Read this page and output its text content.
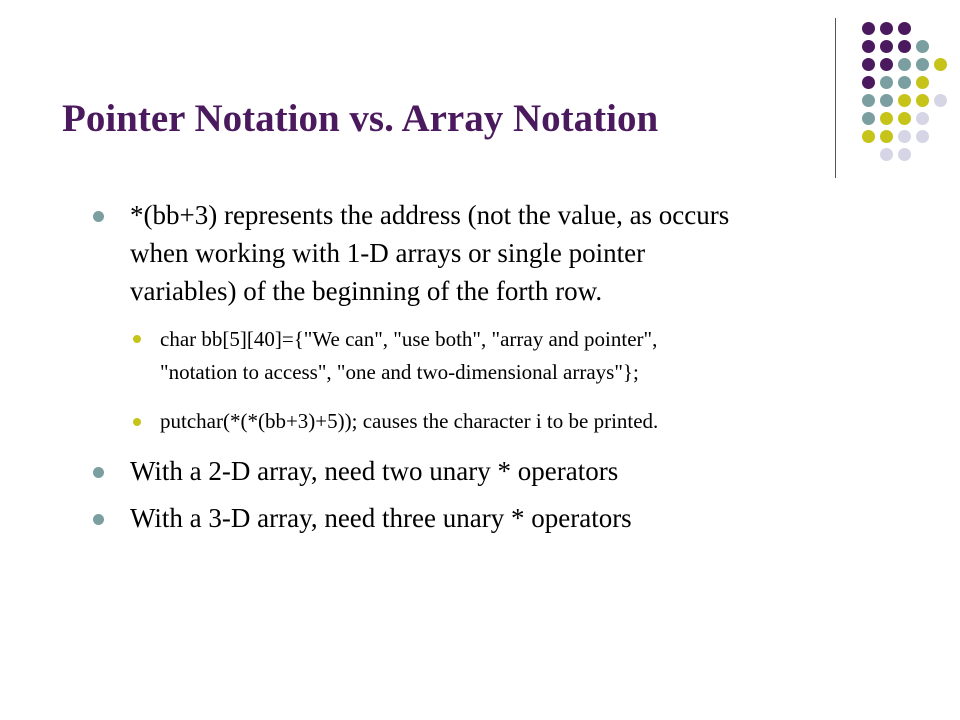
Pointer Notation vs. Array Notation
*(bb+3) represents the address (not the value, as occurs
when working with 1-D arrays or single pointer
variables) of the beginning of the forth row.
char bb[5][40]={"We can", "use both", "array and pointer",
"notation to access", "one and two-dimensional arrays"};
putchar(*(*(bb+3)+5)); causes the character i to be printed.
With a 2-D array, need two unary * operators
With a 3-D array, need three unary * operators
